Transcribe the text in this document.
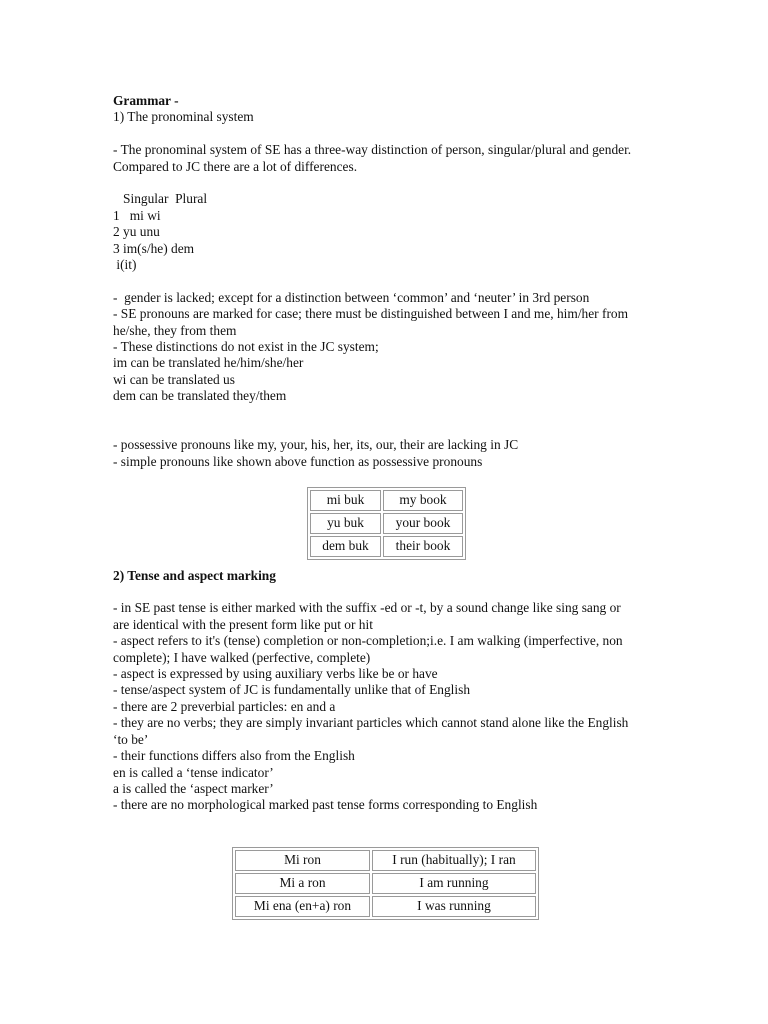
Grammar -
1) The pronominal system
- The pronominal system of SE has a three-way distinction of person, singular/plural and gender.
Compared to JC there are a lot of differences.
Singular  Plural
1   mi wi
2 yu unu
3 im(s/he) dem
i(it)
-  gender is lacked; except for a distinction between ‘common’ and ‘neuter’ in 3rd person
- SE pronouns are marked for case; there must be distinguished between I and me, him/her from
he/she, they from them
- These distinctions do not exist in the JC system;
im can be translated he/him/she/her
wi can be translated us
dem can be translated they/them
- possessive pronouns like my, your, his, her, its, our, their are lacking in JC
- simple pronouns like shown above function as possessive pronouns
mi buk	my book
yu buk	your book
dem buk	their book
2) Tense and aspect marking
- in SE past tense is either marked with the suffix -ed or -t, by a sound change like sing sang or
are identical with the present form like put or hit
- aspect refers to it's (tense) completion or non-completion;i.e. I am walking (imperfective, non
complete); I have walked (perfective, complete)
- aspect is expressed by using auxiliary verbs like be or have
- tense/aspect system of JC is fundamentally unlike that of English
- there are 2 preverbial particles: en and a
- they are no verbs; they are simply invariant particles which cannot stand alone like the English
‘to be’
- their functions differs also from the English
en is called a ‘tense indicator’
a is called the ‘aspect marker’
- there are no morphological marked past tense forms corresponding to English
Mi ron	I run (habitually); I ran
Mi a ron	I am running
Mi ena (en+a) ron	I was running
